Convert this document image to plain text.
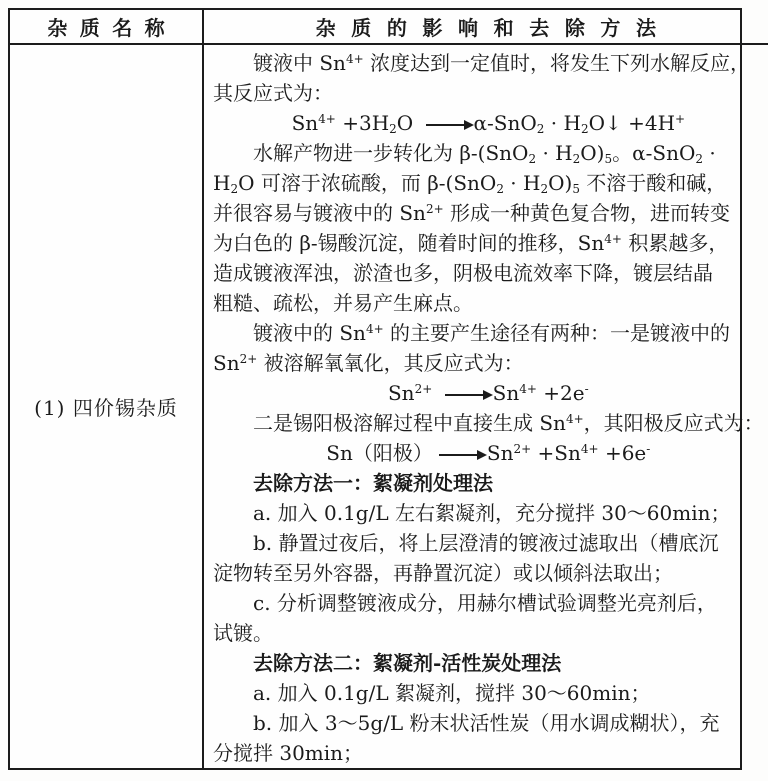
杂质名称	杂质的影响和去除方法
(1) 四价锡杂质
镀液中 $Sn^{4+}$ 浓度达到一定值时，将发生下列水解反应，
其反应式为：
$Sn^{4+} +3H_2O \to \alpha-SnO_2$ · $H_2O↓ +4H^+$
水解产物进一步转化为 $\beta-(SnO_2 \cdot H_2O)_5$。α-SnO$_2$ ·
$H_2O$ 可溶于浓硫酸，而 $\beta-(SnO_2 \cdot H_2O)_5$ 不溶于酸和碱，
并很容易与镀液中的 $Sn^{2+}$ 形成一种黄色复合物，进而转变
为白色的 β-锡酸沉淀，随着时间的推移，$Sn^{4+}$ 积累越多，
造成镀液浑浊，淤渣也多，阴极电流效率下降，镀层结晶
粗糙、疏松，并易产生麻点。
镀液中的 $Sn^{4+}$ 的主要产生途径有两种：一是镀液中的
$Sn^{2+}$ 被溶解氧氧化，其反应式为：
$Sn^{2+} \to Sn^{4+} +2e^-$
二是锡阳极溶解过程中直接生成 $Sn^{4+}$，其阳极反应式为：
Sn（阳极） → $Sn^{2+} +Sn^{4+} +6e^-$
去除方法一：絮凝剂处理法
a. 加入 0.1g/L 左右絮凝剂，充分搅拌 30～60min；
b. 静置过夜后，将上层澄清的镀液过滤取出（槽底沉
淀物转至另外容器，再静置沉淀）或以倾斜法取出；
c. 分析调整镀液成分，用赫尔槽试验调整光亮剂后，
试镀。
去除方法二：絮凝剂-活性炭处理法
a. 加入 0.1g/L 絮凝剂，搅拌 30～60min；
b. 加入 3～5g/L 粉末状活性炭（用水调成糊状），充
分搅拌 30min；
